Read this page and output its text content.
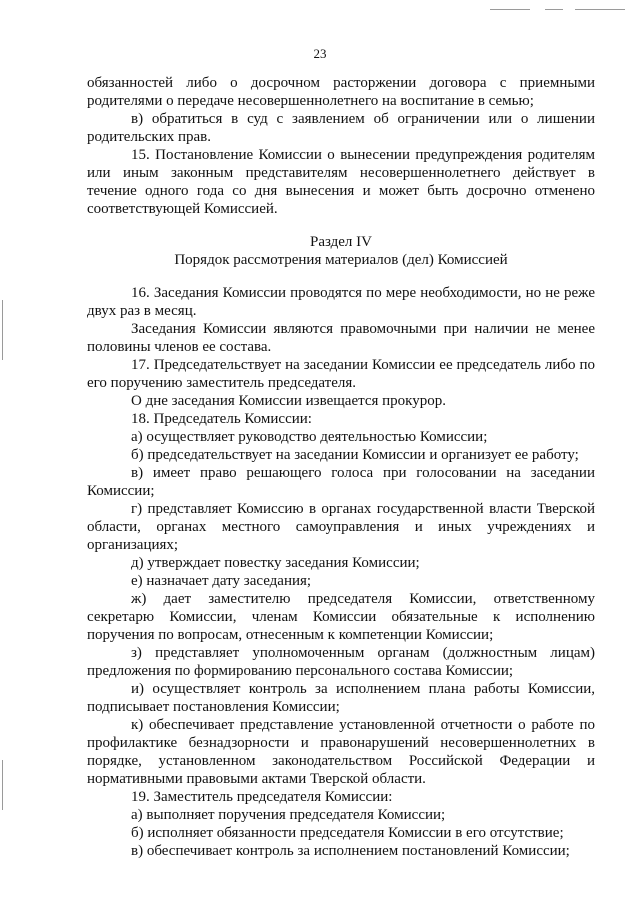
23

обязанностей либо о досрочном расторжении договора с приемными родителями о передаче несовершеннолетнего на воспитание в семью;

в) обратиться в суд с заявлением об ограничении или о лишении родительских прав.

15. Постановление Комиссии о вынесении предупреждения родителям или иным законным представителям несовершеннолетнего действует в течение одного года со дня вынесения и может быть досрочно отменено соответствующей Комиссией.

Раздел IV

Порядок рассмотрения материалов (дел) Комиссией

16. Заседания Комиссии проводятся по мере необходимости, но не реже двух раз в месяц.

Заседания Комиссии являются правомочными при наличии не менее половины членов ее состава.

17. Председательствует на заседании Комиссии ее председатель либо по его поручению заместитель председателя.

О дне заседания Комиссии извещается прокурор.

18. Председатель Комиссии:

а) осуществляет руководство деятельностью Комиссии;

б) председательствует на заседании Комиссии и организует ее работу;

в) имеет право решающего голоса при голосовании на заседании Комиссии;

г) представляет Комиссию в органах государственной власти Тверской области, органах местного самоуправления и иных учреждениях и организациях;

д) утверждает повестку заседания Комиссии;

е) назначает дату заседания;

ж) дает заместителю председателя Комиссии, ответственному секретарю Комиссии, членам Комиссии обязательные к исполнению поручения по вопросам, отнесенным к компетенции Комиссии;

з) представляет уполномоченным органам (должностным лицам) предложения по формированию персонального состава Комиссии;

и) осуществляет контроль за исполнением плана работы Комиссии, подписывает постановления Комиссии;

к) обеспечивает представление установленной отчетности о работе по профилактике безнадзорности и правонарушений несовершеннолетних в порядке, установленном законодательством Российской Федерации и нормативными правовыми актами Тверской области.

19. Заместитель председателя Комиссии:

а) выполняет поручения председателя Комиссии;

б) исполняет обязанности председателя Комиссии в его отсутствие;

в) обеспечивает контроль за исполнением постановлений Комиссии;
